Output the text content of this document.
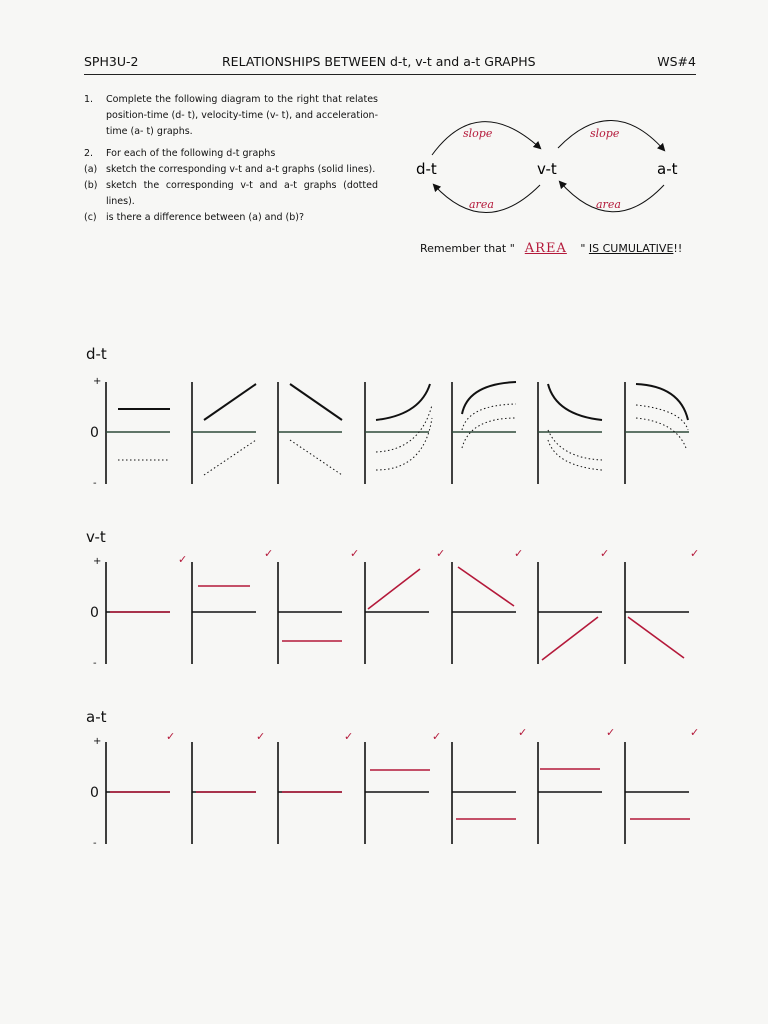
SPH3U-2	RELATIONSHIPS BETWEEN d-t, v-t and a-t GRAPHS	WS#4
1.	Complete the following diagram to the right that relates position-time (d- t), velocity-time (v- t), and acceleration-time (a- t) graphs.
2.	For each of the following d-t graphs
(a) sketch the corresponding v-t and a-t graphs (solid lines).
(b) sketch the corresponding v-t and a-t graphs (dotted lines).
(c) is there a difference between (a) and (b)?
d-t	v-t	a-t
slope	slope
area	area
Remember that " AREA " IS CUMULATIVE!!
d-t
+
0
-
v-t
+
0
-
a-t
+
0
-
✓	✓	✓	✓	✓	✓	✓
✓	✓	✓	✓	✓	✓	✓
